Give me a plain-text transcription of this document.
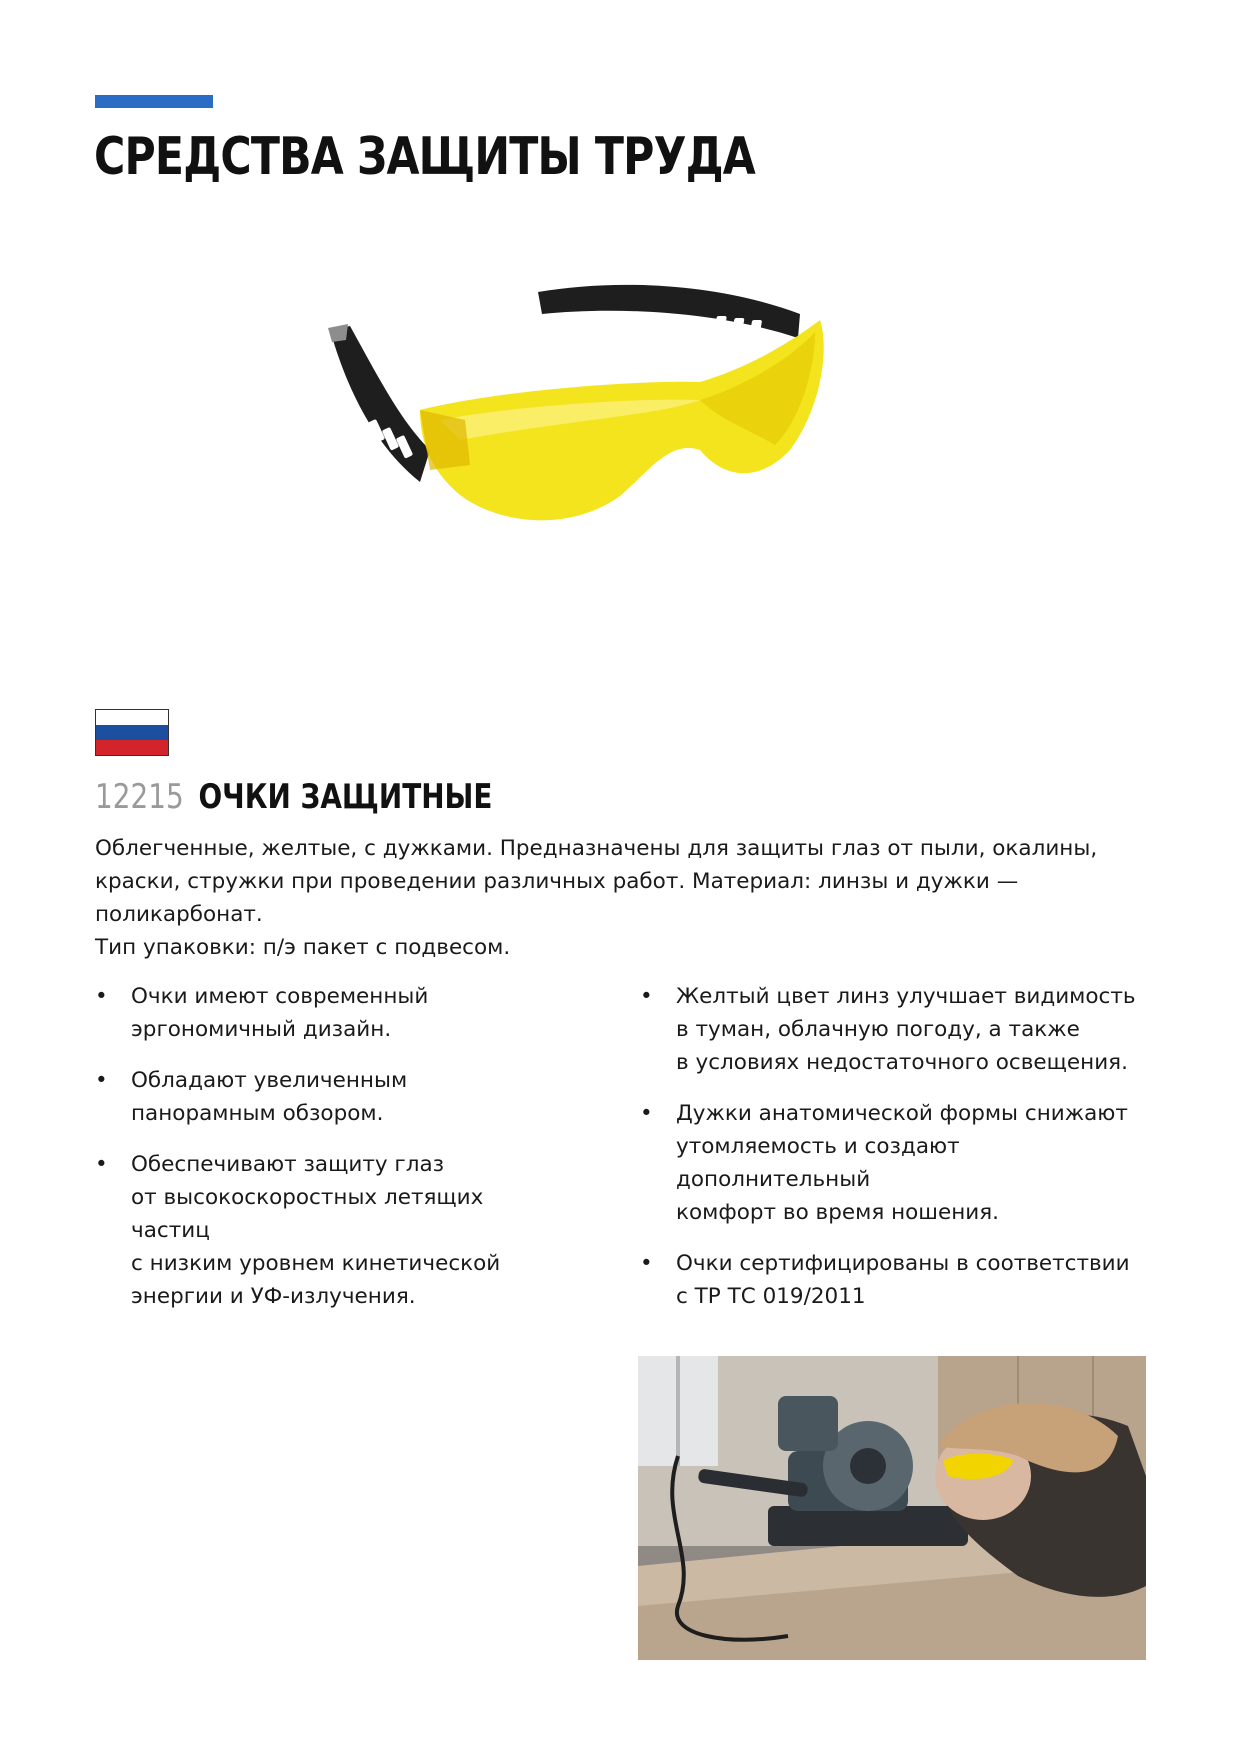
СРЕДСТВА ЗАЩИТЫ ТРУДА
12215 ОЧКИ ЗАЩИТНЫЕ

Облегченные, желтые, с дужками. Предназначены для защиты глаз от пыли, окалины,
краски, стружки при проведении различных работ. Материал: линзы и дужки — поликарбонат.
Тип упаковки: п/э пакет с подвесом.

• Очки имеют современный
эргономичный дизайн.
• Обладают увеличенным
панорамным обзором.
• Обеспечивают защиту глаз
от высокоскоростных летящих частиц
с низким уровнем кинетической
энергии и УФ-излучения.
• Желтый цвет линз улучшает видимость
в туман, облачную погоду, а также
в условиях недостаточного освещения.
• Дужки анатомической формы снижают
утомляемость и создают дополнительный
комфорт во время ношения.
• Очки сертифицированы в соответствии
с ТР ТС 019/2011
